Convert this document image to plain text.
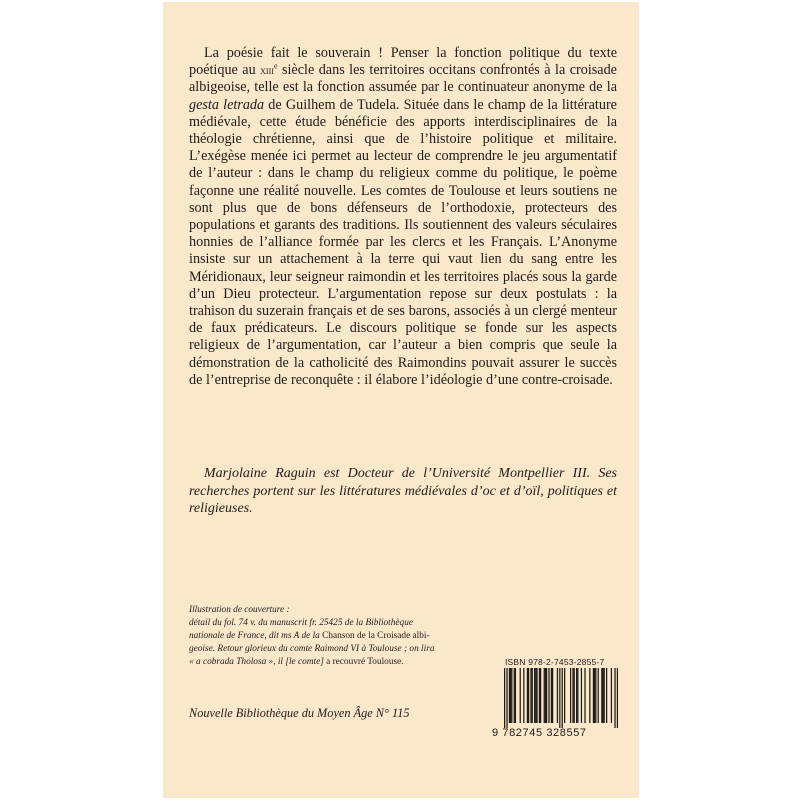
La poésie fait le souverain ! Penser la fonction politique du texte poétique au xiii$^e$ siècle dans les territoires occitans confrontés à la croisade albigeoise, telle est la fonction assumée par le continuateur anonyme de la gesta letrada de Guilhem de Tudela. Située dans le champ de la littérature médiévale, cette étude bénéficie des apports interdisciplinaires de la théologie chrétienne, ainsi que de l’histoire politique et militaire. L’exégèse menée ici permet au lecteur de comprendre le jeu argumentatif de l’auteur : dans le champ du religieux comme du politique, le poème façonne une réalité nouvelle. Les comtes de Toulouse et leurs soutiens ne sont plus que de bons défenseurs de l’orthodoxie, protecteurs des populations et garants des traditions. Ils soutiennent des valeurs séculaires honnies de l’alliance formée par les clercs et les Français. L’Anonyme insiste sur un attachement à la terre qui vaut lien du sang entre les Méridionaux, leur seigneur raimondin et les territoires placés sous la garde d’un Dieu protecteur. L’argumentation repose sur deux postulats : la trahison du suzerain français et de ses barons, associés à un clergé menteur de faux prédicateurs. Le discours politique se fonde sur les aspects religieux de l’argumentation, car l’auteur a bien compris que seule la démonstration de la catholicité des Raimondins pouvait assurer le succès de l’entreprise de reconquête : il élabore l’idéologie d’une contre-croisade.

Marjolaine Raguin est Docteur de l’Université Montpellier III. Ses recherches portent sur les littératures médiévales d’oc et d’oïl, politiques et religieuses.

Illustration de couverture :
détail du fol. 74 v. du manuscrit fr. 25425 de la Bibliothèque
nationale de France, dit ms A de la Chanson de la Croisade albi-
geoise. Retour glorieux du comte Raimond VI à Toulouse ; on lira
« a cobrada Tholosa », il [le comte] a recouvré Toulouse.
Nouvelle Bibliothèque du Moyen Âge N° 115
ISBN 978-2-7453-2855-7
9 782745 328557
